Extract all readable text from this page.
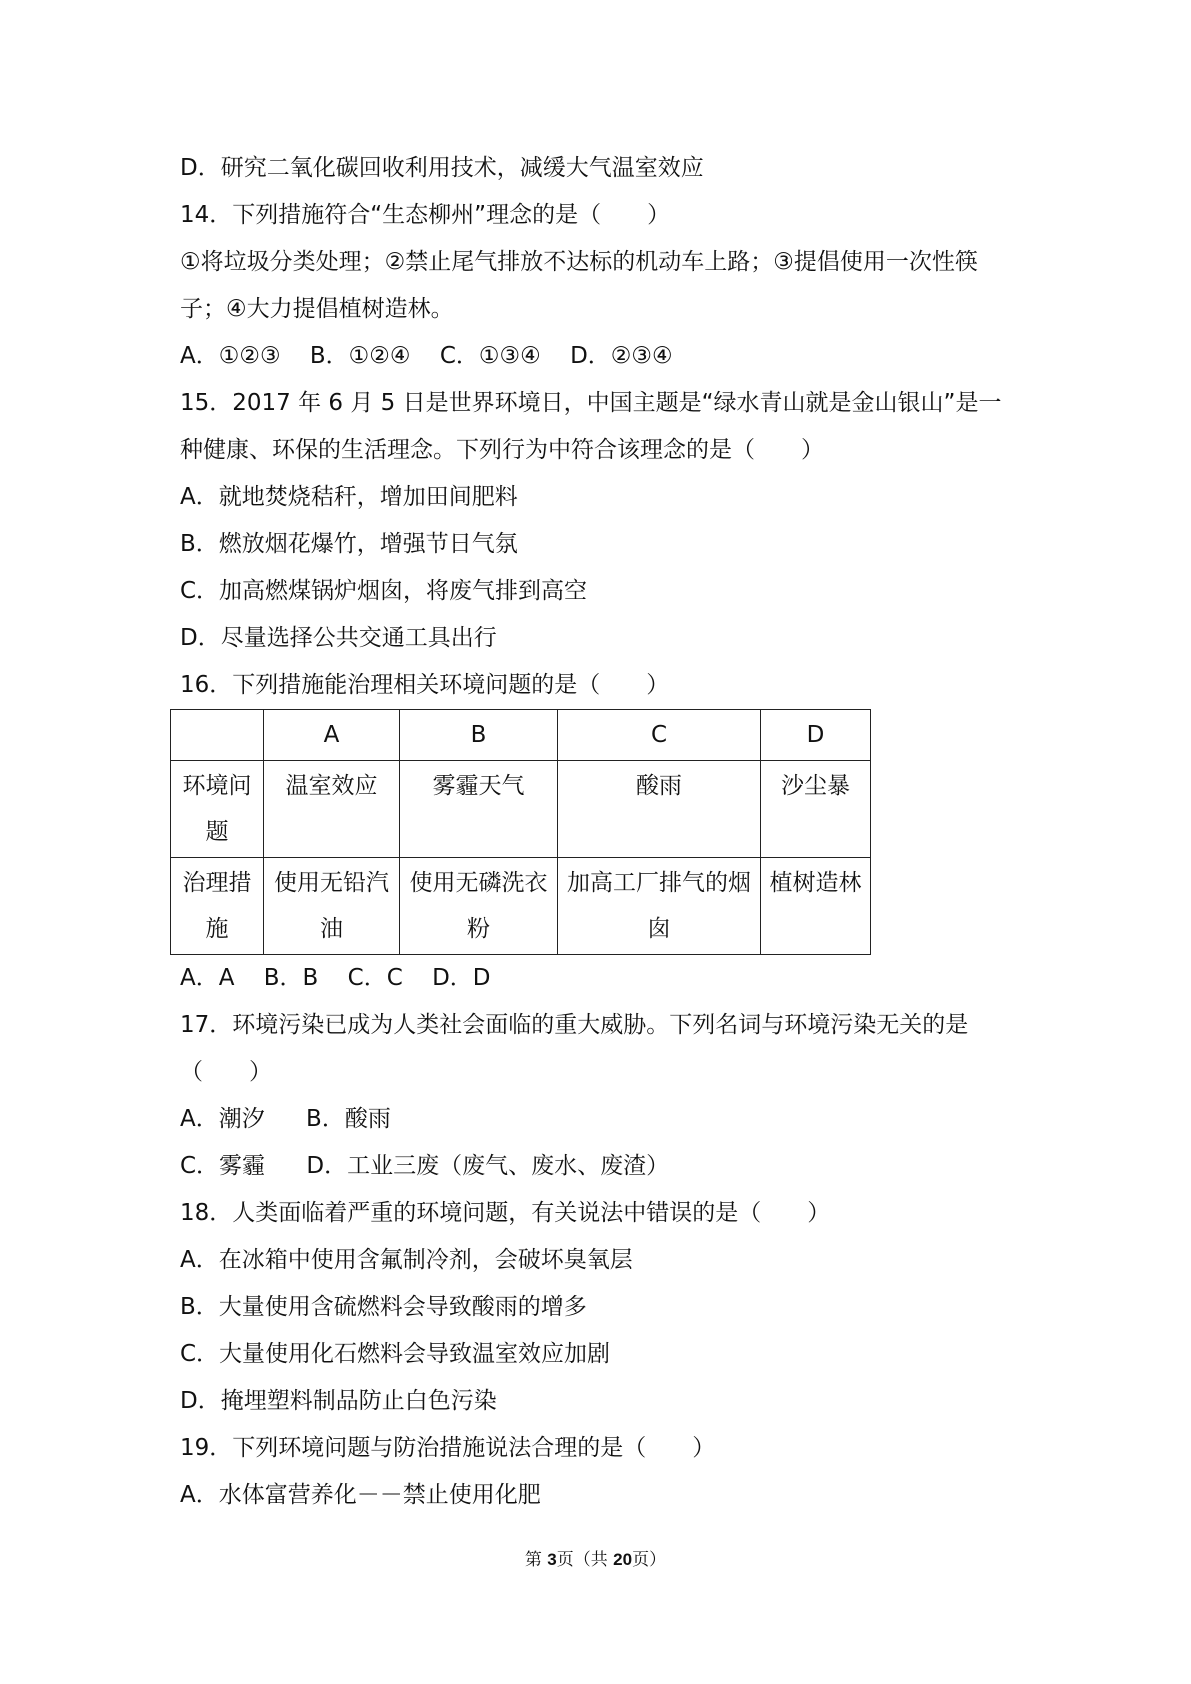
D．研究二氧化碳回收利用技术，减缓大气温室效应
14．下列措施符合“生态柳州”理念的是（　　）
①将垃圾分类处理；②禁止尾气排放不达标的机动车上路；③提倡使用一次性筷
子；④大力提倡植树造林。
A．①②③ B．①②④ C．①③④ D．②③④
15．2017 年 6 月 5 日是世界环境日，中国主题是“绿水青山就是金山银山”是一
种健康、环保的生活理念。下列行为中符合该理念的是（　　）
A．就地焚烧秸秆，增加田间肥料
B．燃放烟花爆竹，增强节日气氛
C．加高燃煤锅炉烟囱，将废气排到高空
D．尽量选择公共交通工具出行
16．下列措施能治理相关环境问题的是（　　）
	A	B	C	D
环境问题	温室效应	雾霾天气	酸雨	沙尘暴
治理措施	使用无铅汽油	使用无磷洗衣粉	加高工厂排气的烟囱	植树造林
A．A B．B C．C D．D
17．环境污染已成为人类社会面临的重大威胁。下列名词与环境污染无关的是
（　　）
A．潮汐 B．酸雨
C．雾霾 D．工业三废（废气、废水、废渣）
18．人类面临着严重的环境问题，有关说法中错误的是（　　）
A．在冰箱中使用含氟制冷剂，会破坏臭氧层
B．大量使用含硫燃料会导致酸雨的增多
C．大量使用化石燃料会导致温室效应加剧
D．掩埋塑料制品防止白色污染
19．下列环境问题与防治措施说法合理的是（　　）
A．水体富营养化－－禁止使用化肥
第 3页（共 20页）
